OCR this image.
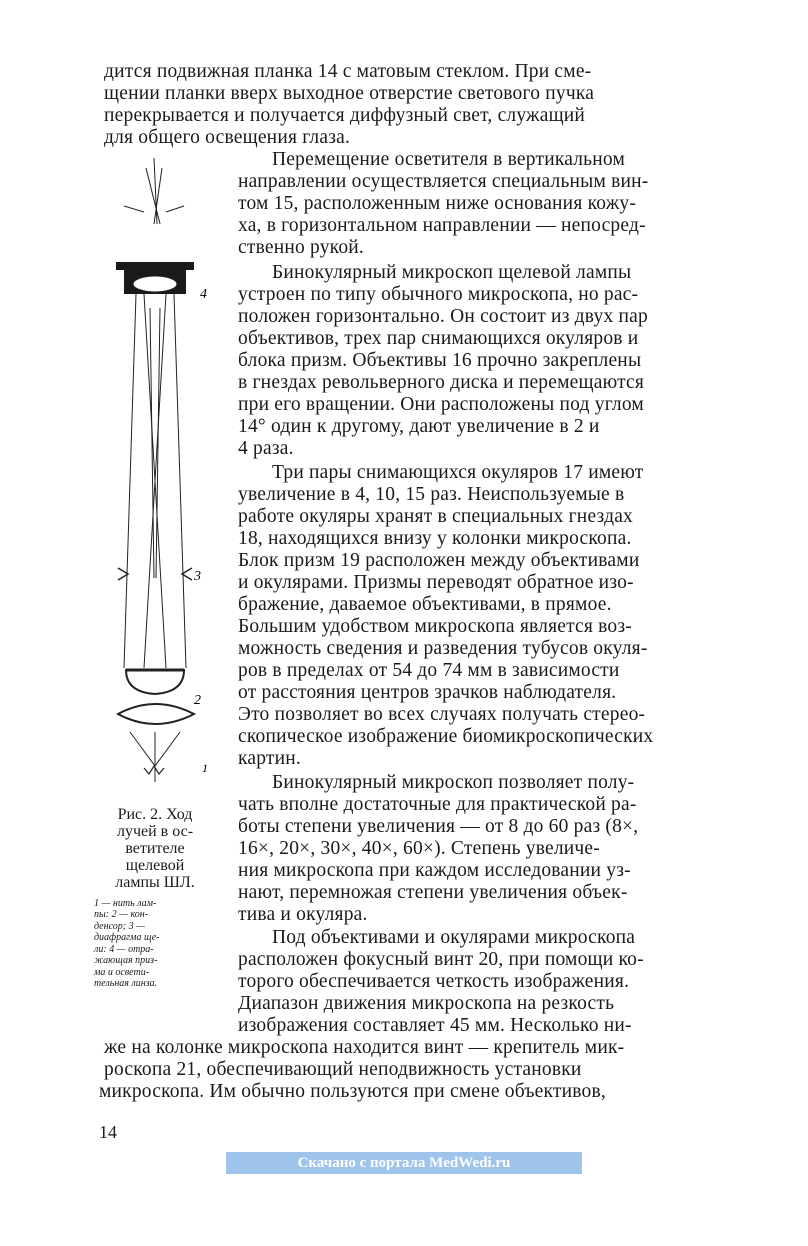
дится подвижная планка 14 с матовым стеклом. При сме-

щении планки вверх выходное отверстие светового пучка

перекрывается и получается диффузный свет, служащий

для общего освещения глаза.

Перемещение осветителя в вертикальном

направлении осуществляется специальным вин-

том 15, расположенным ниже основания кожу-

ха, в горизонтальном направлении — непосред-

ственно рукой.

Бинокулярный микроскоп щелевой лампы

устроен по типу обычного микроскопа, но рас-

положен горизонтально. Он состоит из двух пар

объективов, трех пар снимающихся окуляров и

блока призм. Объективы 16 прочно закреплены

в гнездах револьверного диска и перемещаются

при его вращении. Они расположены под углом

14° один к другому, дают увеличение в 2 и

4 раза.

Три пары снимающихся окуляров 17 имеют

увеличение в 4, 10, 15 раз. Неиспользуемые в

работе окуляры хранят в специальных гнездах

18, находящихся внизу у колонки микроскопа.

Блок призм 19 расположен между объективами

и окулярами. Призмы переводят обратное изо-

бражение, даваемое объективами, в прямое.

Большим удобством микроскопа является воз-

можность сведения и разведения тубусов окуля-

ров в пределах от 54 до 74 мм в зависимости

от расстояния центров зрачков наблюдателя.

Это позволяет во всех случаях получать стерео-

скопическое изображение биомикроскопических

картин.

Бинокулярный микроскоп позволяет полу-

чать вполне достаточные для практической ра-

боты степени увеличения — от 8 до 60 раз (8×,

16×, 20×, 30×, 40×, 60×). Степень увеличе-

ния микроскопа при каждом исследовании уз-

нают, перемножая степени увеличения объек-

тива и окуляра.

Под объективами и окулярами микроскопа

расположен фокусный винт 20, при помощи ко-

торого обеспечивается четкость изображения.

Диапазон движения микроскопа на резкость

изображения составляет 45 мм. Несколько ни-

же на колонке микроскопа находится винт — крепитель мик-

роскопа 21, обеспечивающий неподвижность установки

микроскопа. Им обычно пользуются при смене объективов,

4
3
2
1

Рис. 2. Ход

лучей в ос-

ветителе

щелевой

лампы ШЛ.

1 — нить лам-

пы: 2 — кон-

денсор; 3 —

диафрагма ще-

ли: 4 — отра-

жающая приз-

ма и освети-

тельная линза.

14

Скачано с портала MedWedi.ru
